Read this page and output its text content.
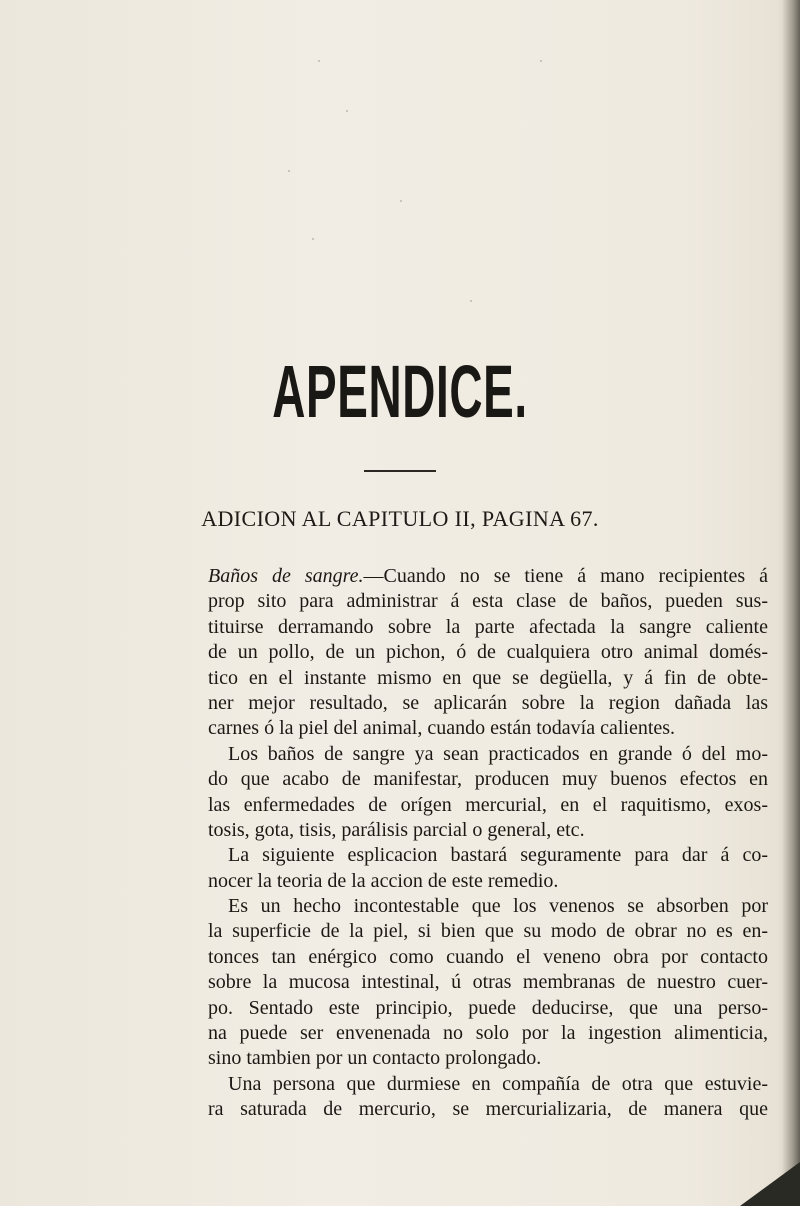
APENDICE.
ADICION AL CAPITULO II, PAGINA 67.
Baños de sangre.—Cuando no se tiene á mano recipientes á
prop sito para administrar á esta clase de baños, pueden sus-
tituirse derramando sobre la parte afectada la sangre caliente
de un pollo, de un pichon, ó de cualquiera otro animal domés-
tico en el instante mismo en que se degüella, y á fin de obte-
ner mejor resultado, se aplicarán sobre la region dañada las
carnes ó la piel del animal, cuando están todavía calientes.
Los baños de sangre ya sean practicados en grande ó del mo-
do que acabo de manifestar, producen muy buenos efectos en
las enfermedades de orígen mercurial, en el raquitismo, exos-
tosis, gota, tisis, parálisis parcial o general, etc.
La siguiente esplicacion bastará seguramente para dar á co-
nocer la teoria de la accion de este remedio.
Es un hecho incontestable que los venenos se absorben por
la superficie de la piel, si bien que su modo de obrar no es en-
tonces tan enérgico como cuando el veneno obra por contacto
sobre la mucosa intestinal, ú otras membranas de nuestro cuer-
po. Sentado este principio, puede deducirse, que una perso-
na puede ser envenenada no solo por la ingestion alimenticia,
sino tambien por un contacto prolongado.
Una persona que durmiese en compañía de otra que estuvie-
ra saturada de mercurio, se mercurializaria, de manera que
